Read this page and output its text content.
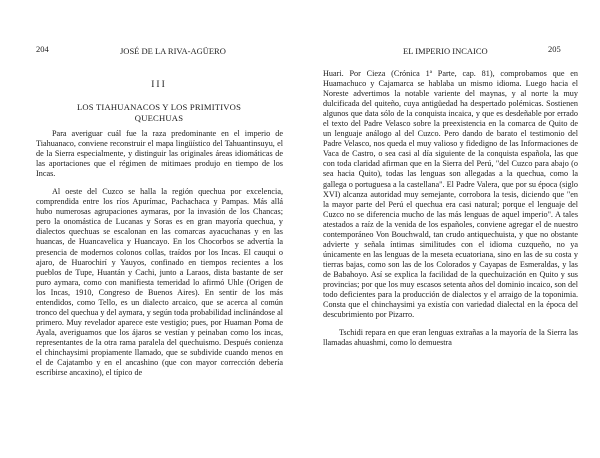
204	JOSÉ DE LA RIVA-AGÜERO
III
LOS TIAHUANACOS Y LOS PRIMITIVOS
QUECHUAS

Para averiguar cuál fue la raza predominante en el imperio de Tiahuanaco, conviene reconstruir el mapa lingüístico del Tahuantinsuyu, el de la Sierra especialmente, y distinguir las originales áreas idiomáticas de las aportaciones que el régimen de mitimaes produjo en tiempo de los Incas.

Al oeste del Cuzco se halla la región quechua por excelencia, comprendida entre los ríos Apurímac, Pachachaca y Pampas. Más allá hubo numerosas agrupaciones aymaras, por la invasión de los Chancas; pero la onomástica de Lucanas y Soras es en gran mayoría quechua, y dialectos quechuas se escalonan en las comarcas ayacuchanas y en las huancas, de Huancavelica y Huancayo. En los Chocorbos se advertía la presencia de modernos colonos collas, traídos por los Incas. El cauqui o ajaro, de Huarochirí y Yauyos, confinado en tiempos recientes a los pueblos de Tupe, Huantán y Cachi, junto a Laraos, dista bastante de ser puro aymara, como con manifiesta temeridad lo afirmó Uhle (Origen de los Incas, 1910, Congreso de Buenos Aires). En sentir de los más entendidos, como Tello, es un dialecto arcaico, que se acerca al común tronco del quechua y del aymara, y según toda probabilidad inclinándose al primero. Muy revelador aparece este vestigio; pues, por Huaman Poma de Ayala, averiguamos que los ájaros se vestían y peinaban como los incas, representantes de la otra rama paralela del quechuismo. Después conienza el chinchaysimi propiamente llamado, que se subdivide cuando menos en el de Cajatambo y en el ancashino (que con mayor corrección debería escribirse ancaxino), el típico de

EL IMPERIO INCAICO	205

Huari. Por Cieza (Crónica 1ª Parte, cap. 81), comprobamos que en Huamachuco y Cajamarca se hablaba un mismo idioma. Luego hacia el Noreste advertimos la notable variente del maynas, y al norte la muy dulcificada del quiteño, cuya antigüedad ha despertado polémicas. Sostienen algunos que data sólo de la conquista incaica, y que es desdeñable por errado el texto del Padre Velasco sobre la preexistencia en la comarca de Quito de un lenguaje análogo al del Cuzco. Pero dando de barato el testimonio del Padre Velasco, nos queda el muy valioso y fidedigno de las Informaciones de Vaca de Castro, o sea casi al día siguiente de la conquista española, las que con toda claridad afirman que en la Sierra del Perú, "del Cuzco para abajo (o sea hacia Quito), todas las lenguas son allegadas a la quechua, como la gallega o portuguesa a la castellana". El Padre Valera, que por su época (siglo XVI) alcanza autoridad muy semejante, corrobora la tesis, diciendo que "en la mayor parte del Perú el quechua era casi natural; porque el lenguaje del Cuzco no se diferencia mucho de las más lenguas de aquel imperio". A tales atestados a raíz de la venida de los españoles, conviene agregar el de nuestro contemporáneo Von Bouchwald, tan crudo antiquechuista, y que no obstante advierte y señala íntimas similitudes con el idioma cuzqueño, no ya únicamente en las lenguas de la meseta ecuatoriana, sino en las de su costa y tierras bajas, como son las de los Colorados y Cayapas de Esmeraldas, y las de Babahoyo. Así se explica la facilidad de la quechuización en Quito y sus provincias; por que los muy escasos setenta años del dominio incaico, son del todo deficientes para la producción de dialectos y el arraigo de la toponimia. Consta que el chinchaysimi ya existía con variedad dialectal en la época del descubrimiento por Pizarro.

Tschidi repara en que eran lenguas extrañas a la mayoría de la Sierra las llamadas ahuashmi, como lo demuestra
